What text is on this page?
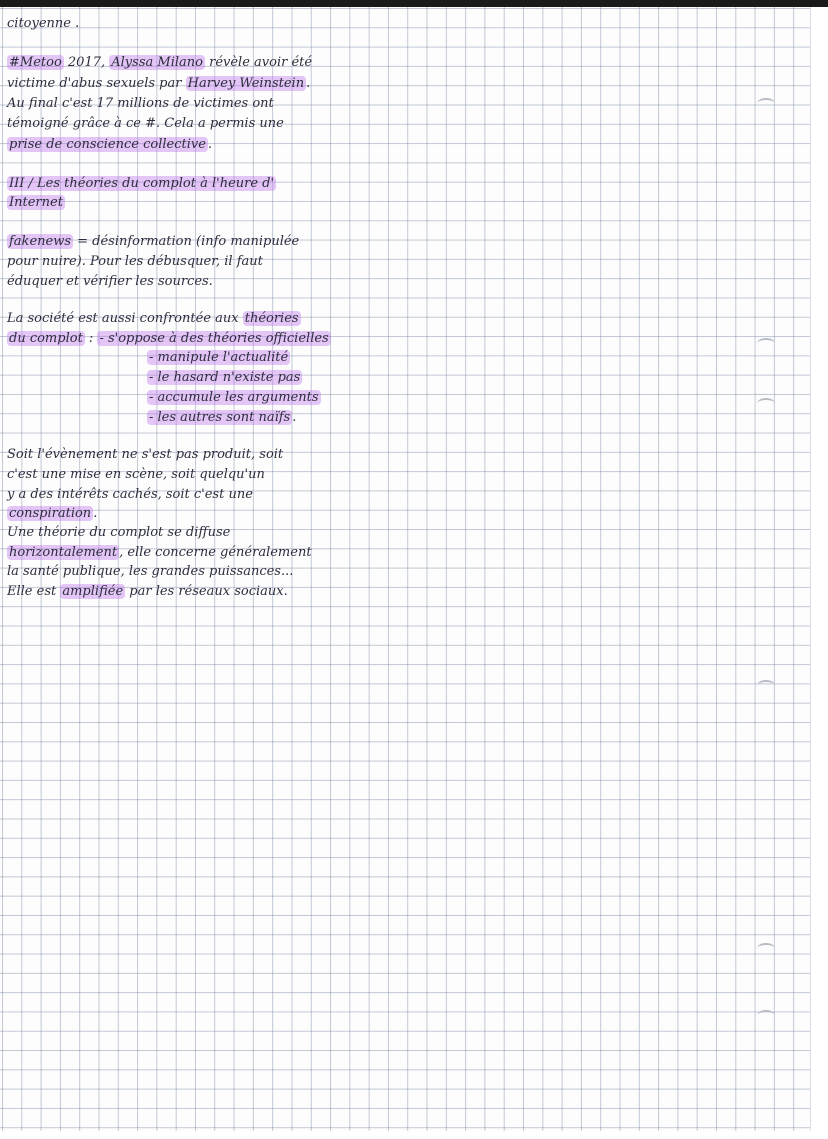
citoyenne .
#Metoo 2017, Alyssa Milano révèle avoir été
victime d'abus sexuels par Harvey Weinstein .
Au final c'est 17 millions de victimes ont
témoigné grâce à ce #. Cela a permis une
prise de conscience collective .
III / Les théories du complot à l'heure d'
Internet
fakenews = désinformation (info manipulée
pour nuire). Pour les débusquer, il faut
éduquer et vérifier les sources.
La société est aussi confrontée aux théories
du complot : - s'oppose à des théories officielles
- manipule l'actualité
- le hasard n'existe pas
- accumule les arguments
- les autres sont naïfs .
Soit l'évènement ne s'est pas produit, soit
c'est une mise en scène, soit quelqu'un
y a des intérêts cachés, soit c'est une
conspiration .
Une théorie du complot se diffuse
horizontalement , elle concerne généralement
la santé publique, les grandes puissances...
Elle est amplifiée par les réseaux sociaux.
